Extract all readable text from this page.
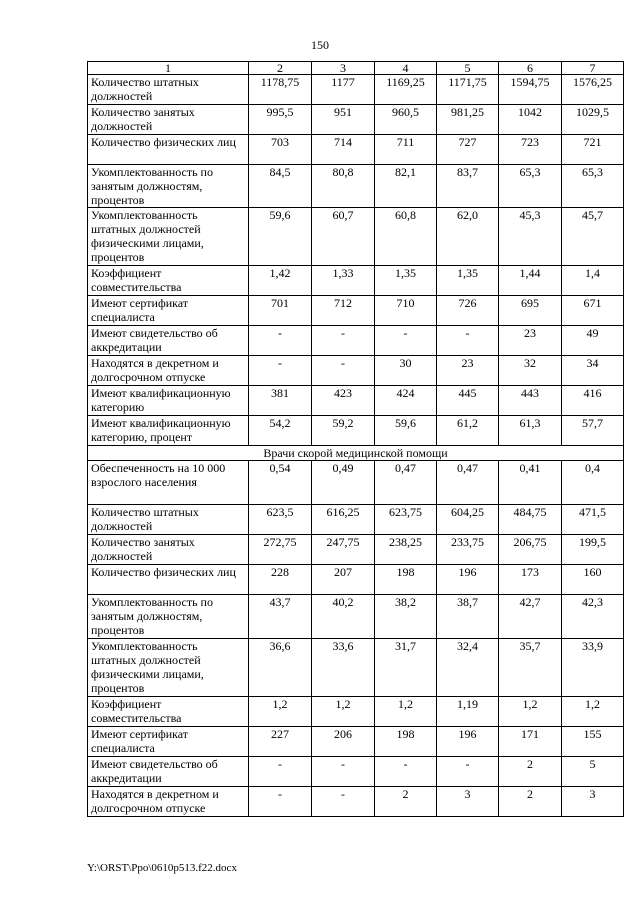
150
1	2	3	4	5	6	7
Количество штатных должностей	1178,75	1177	1169,25	1171,75	1594,75	1576,25
Количество занятых должностей	995,5	951	960,5	981,25	1042	1029,5
Количество физических лиц	703	714	711	727	723	721
Укомплектованность по занятым должностям, процентов	84,5	80,8	82,1	83,7	65,3	65,3
Укомплектованность штатных должностей физическими лицами, процентов	59,6	60,7	60,8	62,0	45,3	45,7
Коэффициент совместительства	1,42	1,33	1,35	1,35	1,44	1,4
Имеют сертификат специалиста	701	712	710	726	695	671
Имеют свидетельство об аккредитации	-	-	-	-	23	49
Находятся в декретном и долгосрочном отпуске	-	-	30	23	32	34
Имеют квалификационную категорию	381	423	424	445	443	416
Имеют квалификационную категорию, процент	54,2	59,2	59,6	61,2	61,3	57,7
Врачи скорой медицинской помощи						
Обеспеченность на 10 000 взрослого населения	0,54	0,49	0,47	0,47	0,41	0,4
Количество штатных должностей	623,5	616,25	623,75	604,25	484,75	471,5
Количество занятых должностей	272,75	247,75	238,25	233,75	206,75	199,5
Количество физических лиц	228	207	198	196	173	160
Укомплектованность по занятым должностям, процентов	43,7	40,2	38,2	38,7	42,7	42,3
Укомплектованность штатных должностей физическими лицами, процентов	36,6	33,6	31,7	32,4	35,7	33,9
Коэффициент совместительства	1,2	1,2	1,2	1,19	1,2	1,2
Имеют сертификат специалиста	227	206	198	196	171	155
Имеют свидетельство об аккредитации	-	-	-	-	2	5
Находятся в декретном и долгосрочном отпуске	-	-	2	3	2	3
Y:\ORST\Ppo\0610p513.f22.docx
